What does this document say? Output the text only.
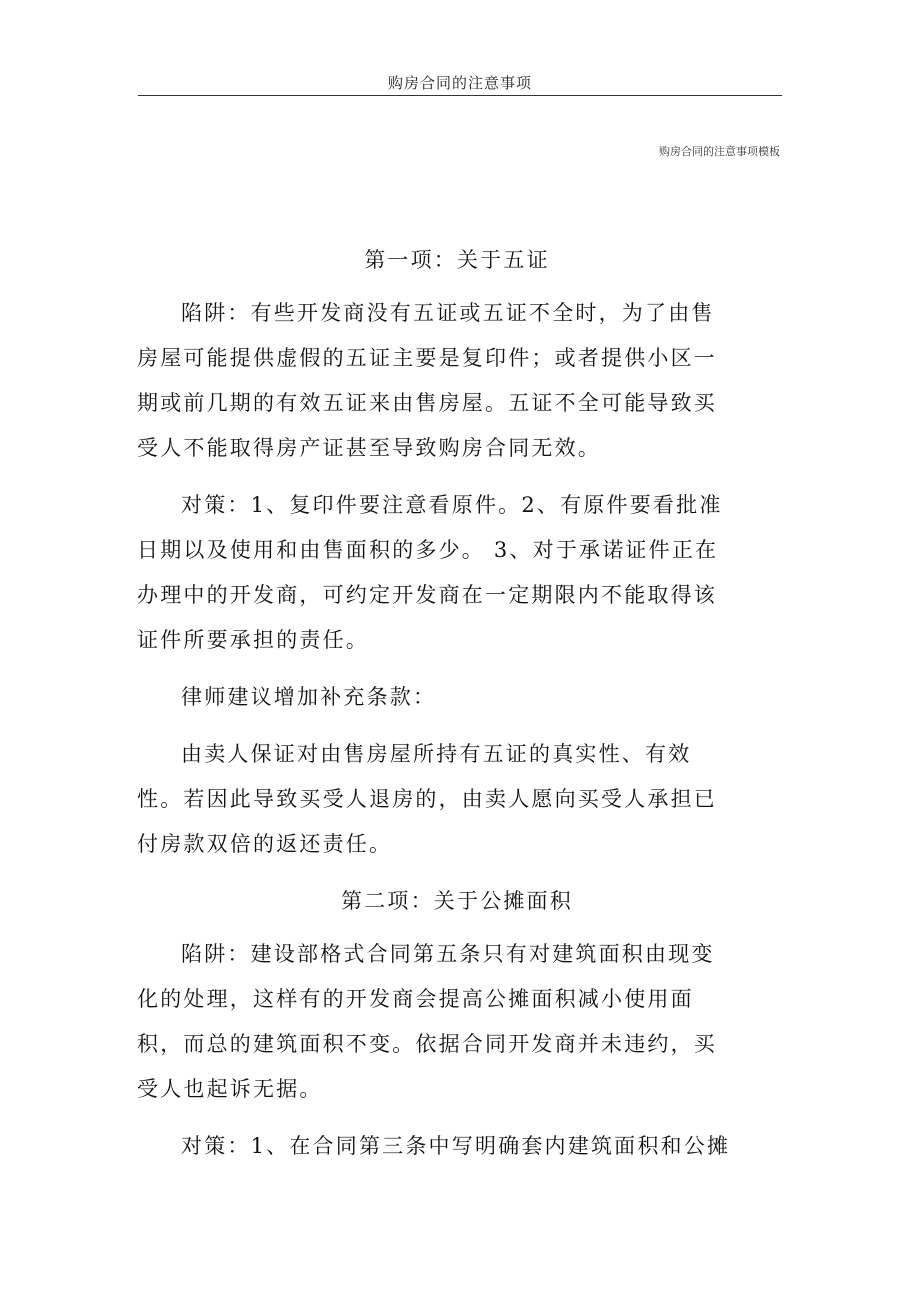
购房合同的注意事项
购房合同的注意事项模板

第一项：关于五证

陷阱：有些开发商没有五证或五证不全时，为了由售房屋可能提供虚假的五证主要是复印件；或者提供小区一期或前几期的有效五证来由售房屋。五证不全可能导致买受人不能取得房产证甚至导致购房合同无效。

对策：1、复印件要注意看原件。2、有原件要看批准日期以及使用和由售面积的多少。 3、对于承诺证件正在办理中的开发商，可约定开发商在一定期限内不能取得该证件所要承担的责任。

律师建议增加补充条款：

由卖人保证对由售房屋所持有五证的真实性、有效性。若因此导致买受人退房的，由卖人愿向买受人承担已付房款双倍的返还责任。

第二项：关于公摊面积

陷阱：建设部格式合同第五条只有对建筑面积由现变化的处理，这样有的开发商会提高公摊面积减小使用面积，而总的建筑面积不变。依据合同开发商并未违约，买受人也起诉无据。

对策：1、在合同第三条中写明确套内建筑面积和公摊
